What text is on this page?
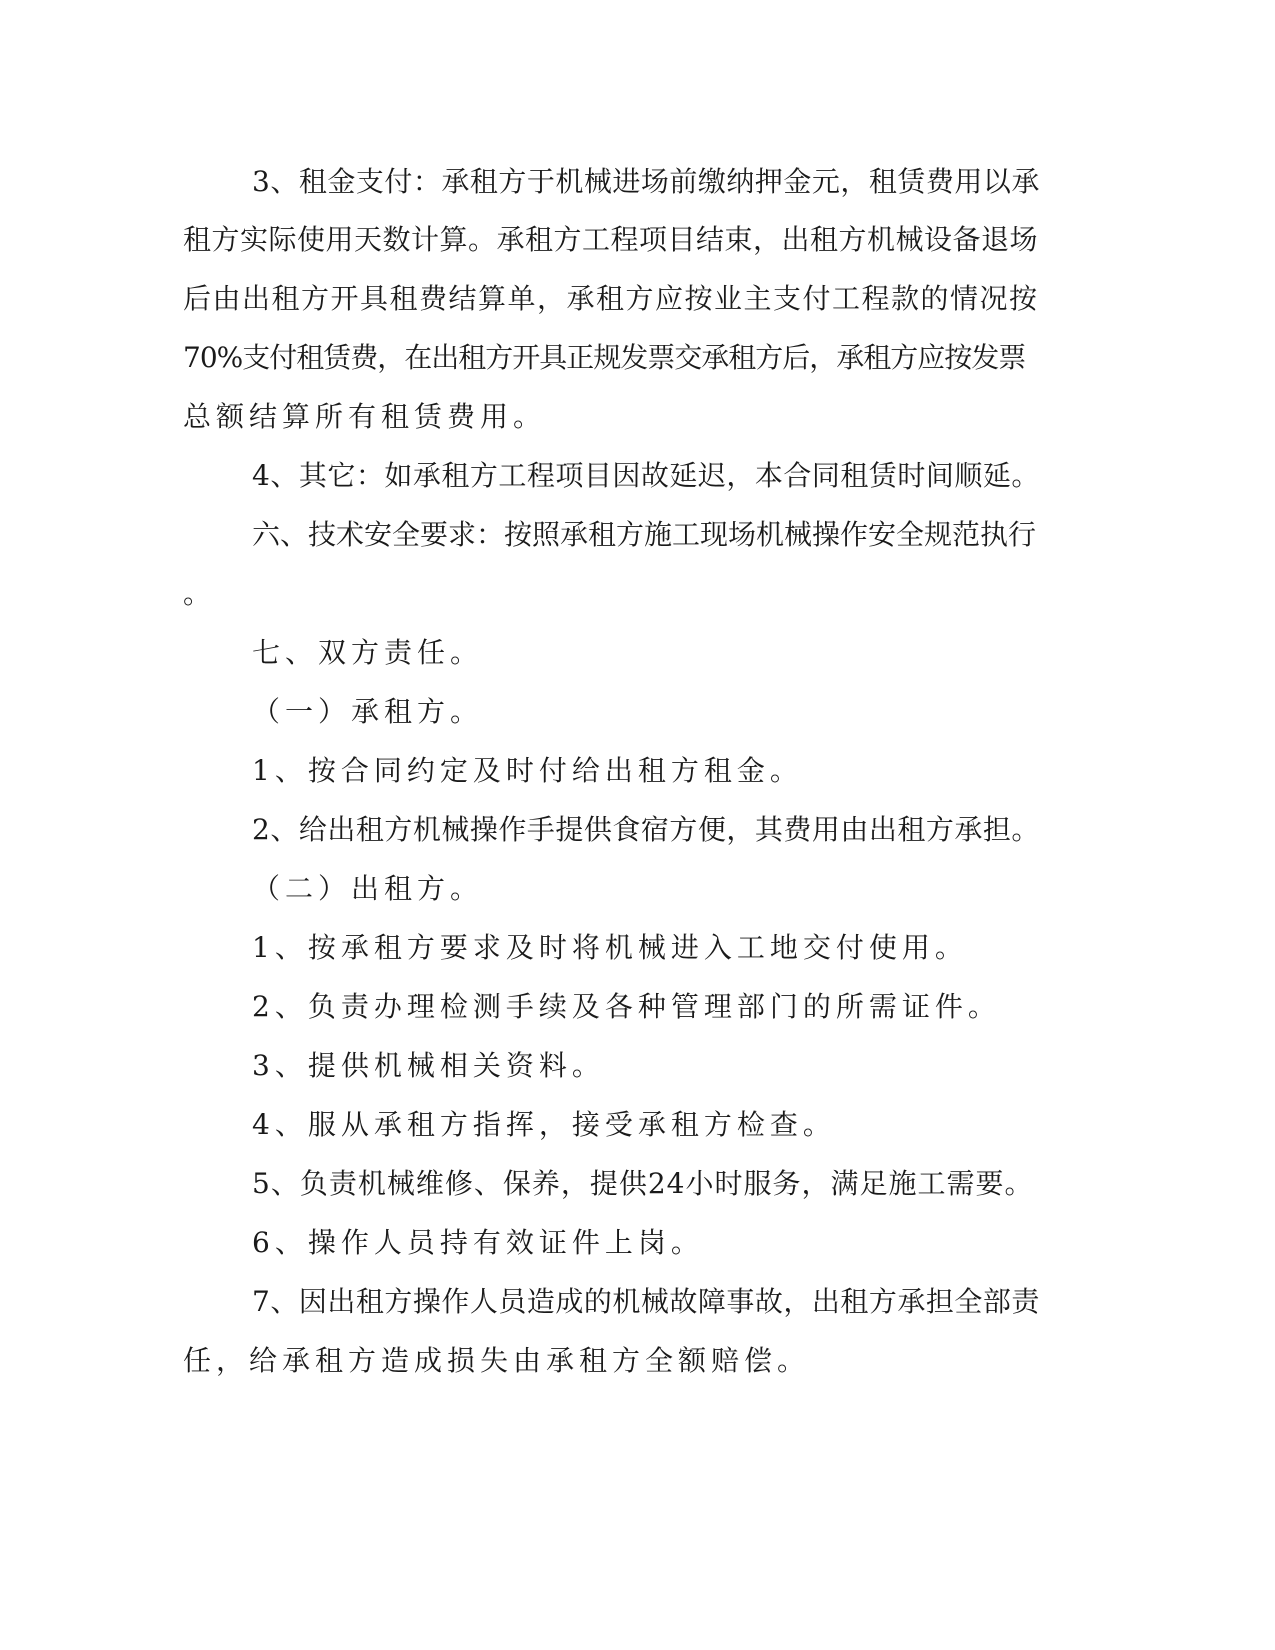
3、租金支付：承租方于机械进场前缴纳押金元，租赁费用以承

租方实际使用天数计算。承租方工程项目结束，出租方机械设备退场

后由出租方开具租费结算单，承租方应按业主支付工程款的情况按

70%支付租赁费，在出租方开具正规发票交承租方后，承租方应按发票

总额结算所有租赁费用。

4、其它：如承租方工程项目因故延迟，本合同租赁时间顺延。

六、技术安全要求：按照承租方施工现场机械操作安全规范执行

。

七、双方责任。

（一）承租方。

1、按合同约定及时付给出租方租金。

2、给出租方机械操作手提供食宿方便，其费用由出租方承担。

（二）出租方。

1、按承租方要求及时将机械进入工地交付使用。

2、负责办理检测手续及各种管理部门的所需证件。

3、提供机械相关资料。

4、服从承租方指挥，接受承租方检查。

5、负责机械维修、保养，提供24小时服务，满足施工需要。

6、操作人员持有效证件上岗。

7、因出租方操作人员造成的机械故障事故，出租方承担全部责

任，给承租方造成损失由承租方全额赔偿。
